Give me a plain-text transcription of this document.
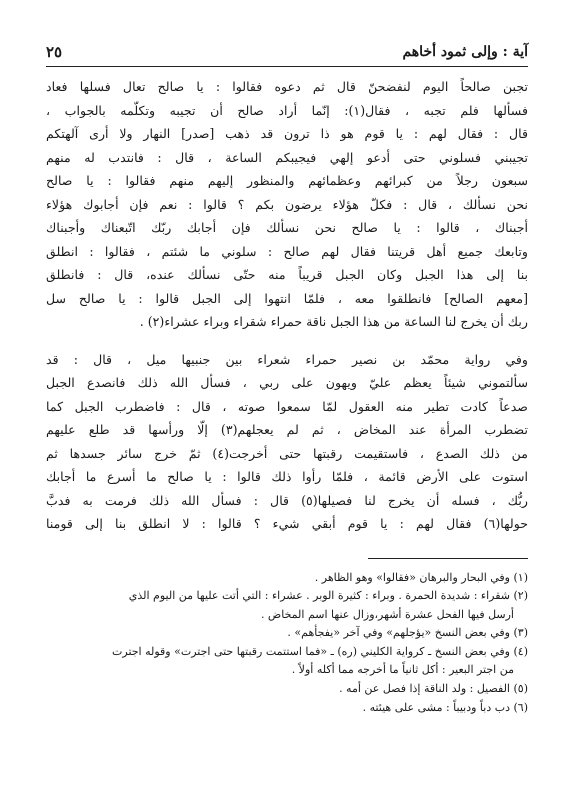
آية : وإلى ثمود أخاهم
٢٥
تجبن صالحاً اليوم لنفضحنّ قال ثم دعوه فقالوا : يا صالح تعال فسلها فعاد
فسألها فلم تجبه ، فقال(١): إنّما أراد صالح أن تجيبه وتكلّمه بالجواب ،
قال : فقال لهم : يا قوم هو ذا ترون قد ذهب [صدر] النهار ولا أرى آلهتكم
تجيبني فسلوني حتى أدعو إلهي فيجيبكم الساعة ، قال : فانتدب له منهم
سبعون رجلاً من كبرائهم وعظمائهم والمنظور إليهم منهم فقالوا : يا صالح
نحن نسألك ، قال : فكلّ هؤلاء يرضون بكم ؟ قالوا : نعم فإن أجابوك هؤلاء
أجبناك ، قالوا : يا صالح نحن نسألك فإن أجابك ربّك اتّبعناك وأجبناك
وتابعك جميع أهل قريتنا فقال لهم صالح : سلوني ما شئتم ، فقالوا : انطلق
بنا إلى هذا الجبل وكان الجبل قريباً منه حتّى نسألك عنده، قال : فانطلق
[معهم الصالح] فانطلقوا معه ، فلمّا انتهوا إلى الجبل قالوا : يا صالح سل
ربك أن يخرج لنا الساعة من هذا الجبل ناقة حمراء شقراء وبراء عشراء(٢) .
وفي رواية محمّد بن نصير حمراء شعراء بين جنبيها ميل ، قال : قد
سألتموني شيئاً يعظم عليّ ويهون على ربي ، فسأل الله ذلك فانصدع الجبل
صدعاً كادت تطير منه العقول لمّا سمعوا صوته ، قال : فاضطرب الجبل كما
تضطرب المرأة عند المخاض ، ثم لم يعجلهم(٣) إلّا ورأسها قد طلع عليهم
من ذلك الصدع ، فاستقيمت رقبتها حتى أخرجت(٤) ثمّ خرج سائر جسدها ثم
استوت على الأرض قائمة ، فلمّا رأوا ذلك قالوا : يا صالح ما أسرع ما أجابك
ربُّك ، فسله أن يخرج لنا فصيلها(٥) قال : فسأل الله ذلك فرمت به فدبَّ
حولها(٦) فقال لهم : يا قوم أبقي شيء ؟ قالوا : لا انطلق بنا إلى قومنا
(١) وفي البحار والبرهان «فقالوا» وهو الظاهر .
(٢) شقراء : شديدة الحمرة . وبراء : كثيرة الوبر . عشراء : التي أتت عليها من اليوم الذي
أرسل فيها الفحل عشرة أشهر،وزال عنها اسم المخاض .
(٣) وفي بعض النسخ «يؤجلهم» وفي آخر «يفجأهم» .
(٤) وفي بعض النسخ ـ كرواية الكليني (ره) ـ «فما استتمت رقبتها حتى اجترت» وقوله اجترت
من اجتر البعير : أكل ثانياً ما أخرجه مما أكله أولاً .
(٥) الفصيل : ولد الناقة إذا فصل عن أمه .
(٦) دب دباً ودبيباً : مشى على هيئته .
